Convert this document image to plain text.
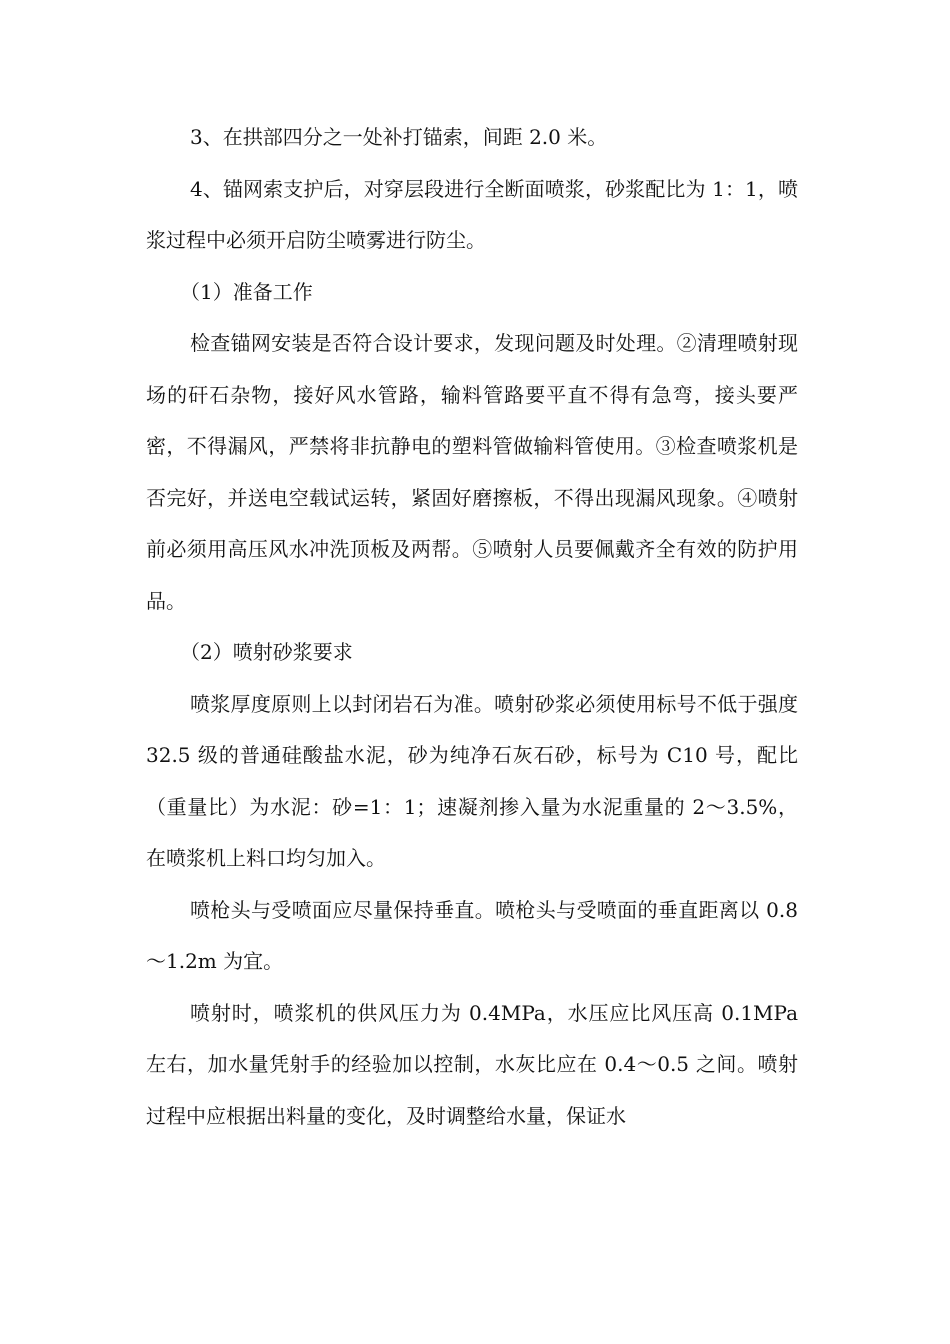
3、在拱部四分之一处补打锚索，间距 2.0 米。

4、锚网索支护后，对穿层段进行全断面喷浆，砂浆配比为 1：1，喷浆过程中必须开启防尘喷雾进行防尘。

（1）准备工作

检查锚网安装是否符合设计要求，发现问题及时处理。②清理喷射现场的矸石杂物，接好风水管路，输料管路要平直不得有急弯，接头要严密，不得漏风，严禁将非抗静电的塑料管做输料管使用。③检查喷浆机是否完好，并送电空载试运转，紧固好磨擦板，不得出现漏风现象。④喷射前必须用高压风水冲洗顶板及两帮。⑤喷射人员要佩戴齐全有效的防护用品。

（2）喷射砂浆要求

喷浆厚度原则上以封闭岩石为准。喷射砂浆必须使用标号不低于强度 32.5 级的普通硅酸盐水泥，砂为纯净石灰石砂，标号为 C10 号，配比（重量比）为水泥：砂=1：1；速凝剂掺入量为水泥重量的 2～3.5%，在喷浆机上料口均匀加入。

喷枪头与受喷面应尽量保持垂直。喷枪头与受喷面的垂直距离以 0.8～1.2m 为宜。

喷射时，喷浆机的供风压力为 0.4MPa，水压应比风压高 0.1MPa 左右，加水量凭射手的经验加以控制，水灰比应在 0.4～0.5 之间。喷射过程中应根据出料量的变化，及时调整给水量，保证水
